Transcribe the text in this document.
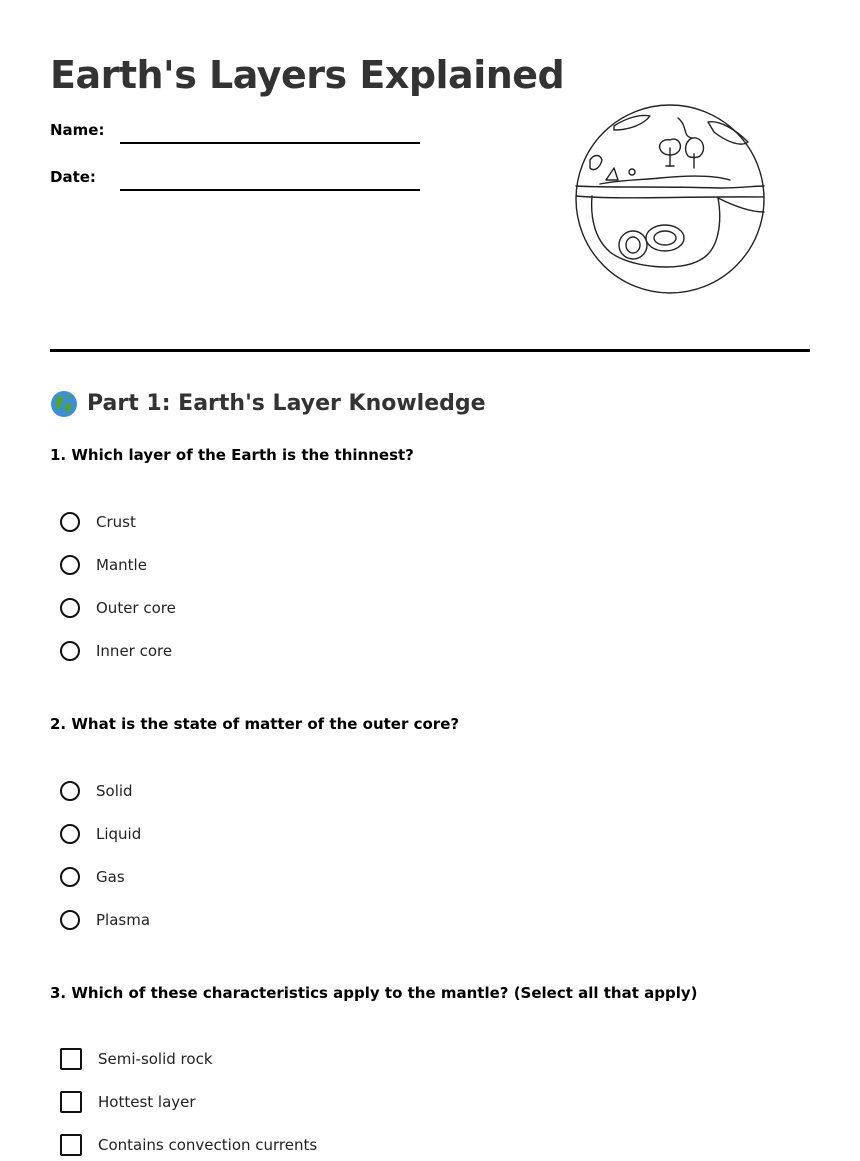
Earth's Layers Explained
Name:
Date:
Part 1: Earth's Layer Knowledge

1. Which layer of the Earth is the thinnest?

Crust
Mantle
Outer core
Inner core

2. What is the state of matter of the outer core?

Solid
Liquid
Gas
Plasma

3. Which of these characteristics apply to the mantle? (Select all that apply)

Semi-solid rock
Hottest layer
Contains convection currents
